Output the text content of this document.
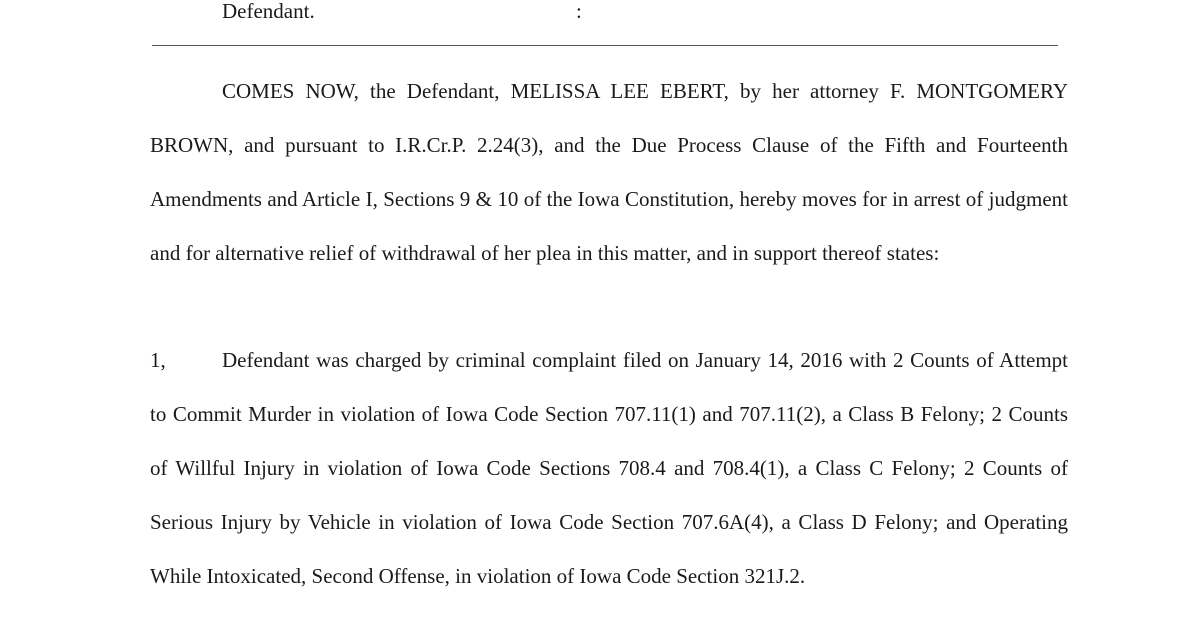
Defendant.	:

COMES NOW, the Defendant, MELISSA LEE EBERT, by her attorney F. MONTGOMERY BROWN, and pursuant to I.R.Cr.P. 2.24(3), and the Due Process Clause of the Fifth and Fourteenth Amendments and Article I, Sections 9 & 10 of the Iowa Constitution, hereby moves for in arrest of judgment and for alternative relief of withdrawal of her plea in this matter, and in support thereof states:

1,	Defendant was charged by criminal complaint filed on January 14, 2016 with 2 Counts of Attempt to Commit Murder in violation of Iowa Code Section 707.11(1) and 707.11(2), a Class B Felony; 2 Counts of Willful Injury in violation of Iowa Code Sections 708.4 and 708.4(1), a Class C Felony; 2 Counts of Serious Injury by Vehicle in violation of Iowa Code Section 707.6A(4), a Class D Felony; and Operating While Intoxicated, Second Offense, in violation of Iowa Code Section 321J.2.
